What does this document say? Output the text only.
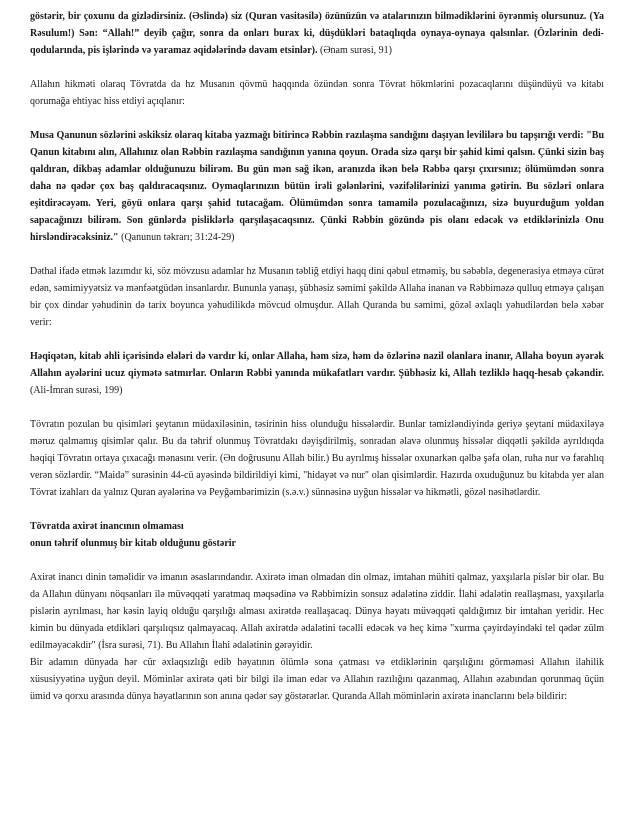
göstərir, bir çoxunu da gizlədirsiniz. (Əslində) siz (Quran vasitəsilə) özünüzün və atalarınızın bilmədiklərini öyrənmiş olursunuz. (Ya Rəsulum!) Sən: “Allah!” deyib çağır, sonra da onları burax ki, düşdükləri bataqlıqda oynaya-oynaya qalsınlar. (Özlərinin dedi-qodularında, pis işlərində və yaramaz əqidələrində davam etsinlər). (Ənam surəsi, 91)

Allahın hikməti olaraq Tövratda da hz Musanın qövmü haqqında özündən sonra Tövrat hökmlərini pozacaqlarını düşündüyü və kitabı qorumağa ehtiyac hiss etdiyi açıqlanır:

Musa Qanunun sözlərini əskiksiz olaraq kitaba yazmağı bitirincə Rəbbin razılaşma sandığını daşıyan levililərə bu tapşırığı verdi: "Bu Qanun kitabını alın, Allahınız olan Rəbbin razılaşma sandığının yanına qoyun. Orada sizə qarşı bir şahid kimi qalsın. Çünki sizin baş qaldıran, dikbaş adamlar olduğunuzu bilirəm. Bu gün mən sağ ikən, aranızda ikən belə Rəbbə qarşı çıxırsınız; ölümümdən sonra daha nə qədər çox baş qaldıracaqsınız. Oymaqlarınızın bütün irəli gələnlərini, vəzifəlilərinizi yanıma gətirin. Bu sözləri onlara eşitdirəcəyəm. Yeri, göyü onlara qarşı şahid tutacağam. Ölümümdən sonra tamamilə pozulacağınızı, sizə buyurduğum yoldan sapacağınızı bilirəm. Son günlərdə pisliklərlə qarşılaşacaqsınız. Çünki Rəbbin gözündə pis olanı edəcək və etdiklərinizlə Onu hirsləndirəcəksiniz." (Qanunun təkrarı; 31:24-29)

Dəthal ifadə etmək lazımdır ki, söz mövzusu adamlar hz Musanın təbliğ etdiyi haqq dini qəbul etməmiş, bu səbəblə, degenerasiya etməyə cürət edən, səmimiyyətsiz və mənfəətgüdən insanlardır. Bununla yanaşı, şübhəsiz səmimi şəkildə Allaha inanan və Rəbbiməzə qulluq etməyə çalışan bir çox dindar yəhudinin də tarix boyunca yəhudilikdə mövcud olmuşdur. Allah Quranda bu səmimi, gözəl əxlaqlı yəhudilərdən belə xəbər verir:

Həqiqətən, kitab əhli içərisində elələri də vardır ki, onlar Allaha, həm sizə, həm də özlərinə nazil olanlara inanır, Allaha boyun əyərək Allahın ayələrini ucuz qiymətə satmırlar. Onların Rəbbi yanında mükafatları vardır. Şübhəsiz ki, Allah tezliklə haqq-hesab çəkəndir. (Ali-İmran surəsi, 199)

Tövratın pozulan bu qisimləri şeytanın müdaxiləsinin, təsirinin hiss olunduğu hissələrdir. Bunlar təmizləndiyində geriyə şeytani müdaxiləyə məruz qalmamış qisimlər qalır. Bu da təhrif olunmuş Tövratdakı dəyişdirilmiş, sonradan əlavə olunmuş hissələr diqqətli şəkildə ayrıldıqda həqiqi Tövratın ortaya çıxacağı mənasını verir. (Ən doğrusunu Allah bilir.) Bu ayrılmış hissələr oxunarkən qəlbə şəfa olan, ruha nur və fərahlıq verən sözlərdir. “Maidə” surəsinin 44-cü ayəsində bildirildiyi kimi, "hidayət və nur" olan qisimlərdir. Hazırda oxuduğunuz bu kitabda yer alan Tövrat izahları da yalnız Quran ayələrinə və Peyğəmbərimizin (s.ə.v.) sünnəsinə uyğun hissələr və hikmətli, gözəl nəsihətlərdir.

Tövratda axirət inancının olmaması

onun təhrif olunmuş bir kitab olduğunu göstərir

Axirət inancı dinin təməlidir və imanın əsaslarındandır. Axirətə iman olmadan din olmaz, imtahan mühiti qalmaz, yaxşılarla pislər bir olar. Bu da Allahın dünyanı nöqsanları ilə müvəqqəti yaratmaq məqsədinə və Rəbbimizin sonsuz ədalətinə ziddir. İlahi ədalətin reallaşması, yaxşılarla pislərin ayrılması, hər kəsin layiq olduğu qarşılığı alması axirətdə reallaşacaq. Dünya həyatı müvəqqəti qaldığımız bir imtahan yeridir. Hec kimin bu dünyada etdikləri qarşılıqsız qalmayacaq. Allah axirətdə ədalətini təcəlli edəcək və heç kimə "xurma çəyirdəyindəki tel qədər zülm edilməyəcəkdir" (İsra surəsi, 71). Bu Allahın İlahi ədalətinin gərəyidir.

Bir adamın dünyada hər cür əxlaqsızlığı edib həyatının ölümlə sona çatması və etdiklərinin qarşılığını görməməsi Allahın ilahilik xüsusiyyətinə uyğun deyil. Möminlər axirətə qəti bir bilgi ilə iman edər və Allahın razılığını qazanmaq, Allahın əzabından qorunmaq üçün ümid və qorxu arasında dünya həyatlarının son anına qədər səy göstərərlər. Quranda Allah möminlərin axirətə inanclarını belə bildirir:
